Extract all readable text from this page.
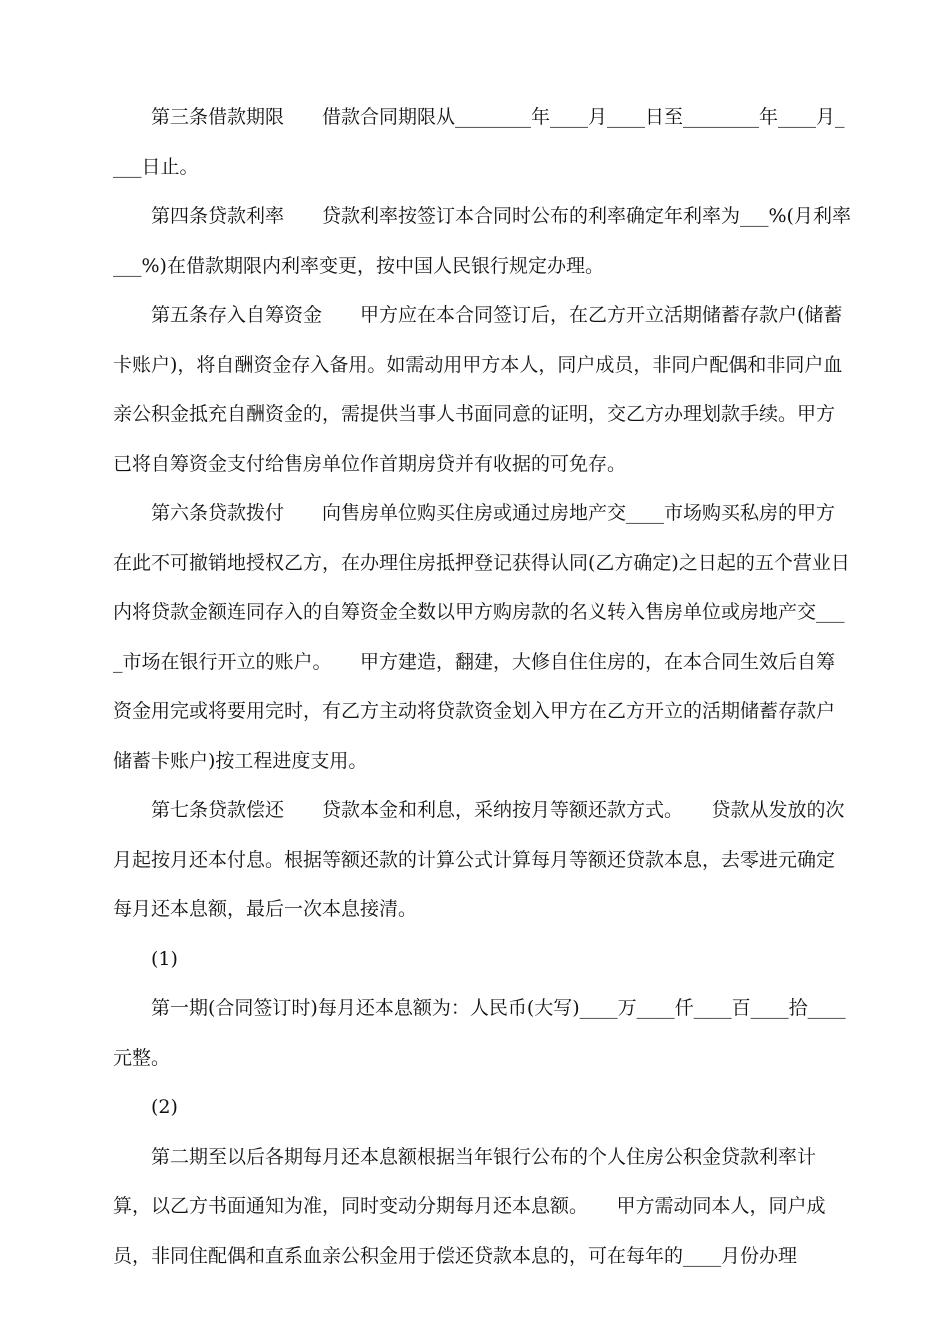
第三条借款期限　　借款合同期限从________年____月____日至________年____月____日止。

第四条贷款利率　　贷款利率按签订本合同时公布的利率确定年利率为___%(月利率___%)在借款期限内利率变更，按中国人民银行规定办理。

第五条存入自筹资金　　甲方应在本合同签订后，在乙方开立活期储蓄存款户(储蓄卡账户)，将自酬资金存入备用。如需动用甲方本人，同户成员，非同户配偶和非同户血亲公积金抵充自酬资金的，需提供当事人书面同意的证明，交乙方办理划款手续。甲方已将自筹资金支付给售房单位作首期房贷并有收据的可免存。

第六条贷款拨付　　向售房单位购买住房或通过房地产交____市场购买私房的甲方在此不可撤销地授权乙方，在办理住房抵押登记获得认同(乙方确定)之日起的五个营业日内将贷款金额连同存入的自筹资金全数以甲方购房款的名义转入售房单位或房地产交____市场在银行开立的账户。　　甲方建造，翻建，大修自住住房的，在本合同生效后自筹资金用完或将要用完时，有乙方主动将贷款资金划入甲方在乙方开立的活期储蓄存款户储蓄卡账户)按工程进度支用。

第七条贷款偿还　　贷款本金和利息，采纳按月等额还款方式。　　贷款从发放的次月起按月还本付息。根据等额还款的计算公式计算每月等额还贷款本息，去零进元确定每月还本息额，最后一次本息接清。

(1)

第一期(合同签订时)每月还本息额为：人民币(大写)____万____仟____百____拾____元整。

(2)

第二期至以后各期每月还本息额根据当年银行公布的个人住房公积金贷款利率计算，以乙方书面通知为准，同时变动分期每月还本息额。　　甲方需动同本人，同户成员，非同住配偶和直系血亲公积金用于偿还贷款本息的，可在每年的____月份办理
